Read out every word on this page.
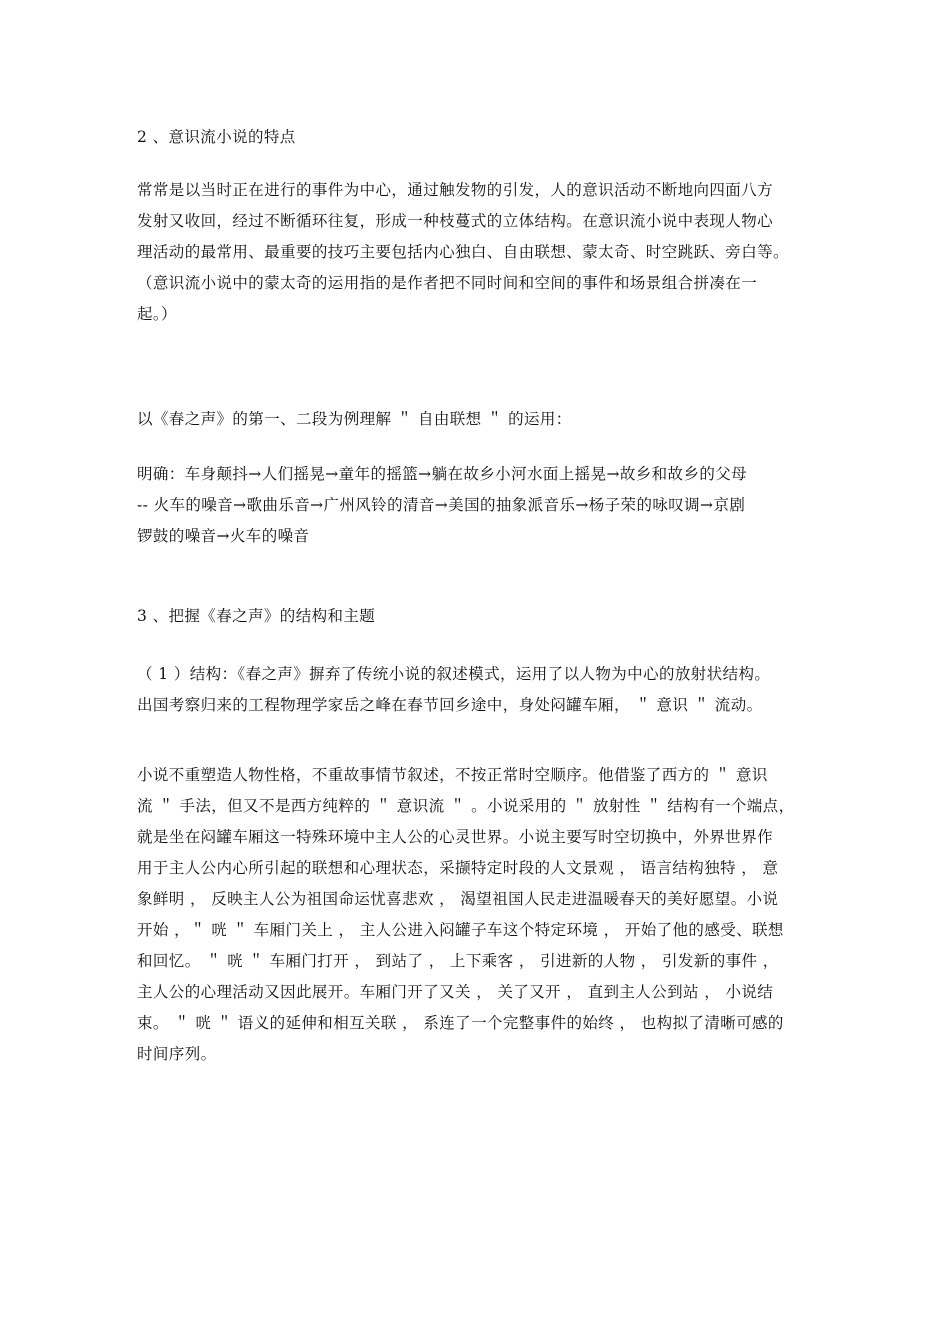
2 、意识流小说的特点
常常是以当时正在进行的事件为中心，通过触发物的引发，人的意识活动不断地向四面八方
发射又收回，经过不断循环往复，形成一种枝蔓式的立体结构。在意识流小说中表现人物心
理活动的最常用、最重要的技巧主要包括内心独白、自由联想、蒙太奇、时空跳跃、旁白等。
（意识流小说中的蒙太奇的运用指的是作者把不同时间和空间的事件和场景组合拼凑在一
起。）
以《春之声》的第一、二段为例理解 ＂ 自由联想 ＂ 的运用：
明确：车身颠抖→人们摇晃→童年的摇篮→躺在故乡小河水面上摇晃→故乡和故乡的父母
-- 火车的噪音→歌曲乐音→广州风铃的清音→美国的抽象派音乐→杨子荣的咏叹调→京剧
锣鼓的噪音→火车的噪音
3 、把握《春之声》的结构和主题
（ 1 ）结构：《春之声》摒弃了传统小说的叙述模式，运用了以人物为中心的放射状结构。
出国考察归来的工程物理学家岳之峰在春节回乡途中，身处闷罐车厢， ＂ 意识 ＂ 流动。
小说不重塑造人物性格，不重故事情节叙述，不按正常时空顺序。他借鉴了西方的 ＂ 意识
流 ＂ 手法，但又不是西方纯粹的 ＂ 意识流 ＂ 。小说采用的 ＂ 放射性 ＂ 结构有一个端点，
就是坐在闷罐车厢这一特殊环境中主人公的心灵世界。小说主要写时空切换中，外界世界作
用于主人公内心所引起的联想和心理状态，采撷特定时段的人文景观 ， 语言结构独特 ， 意
象鲜明 ， 反映主人公为祖国命运忧喜悲欢 ， 渴望祖国人民走进温暖春天的美好愿望。小说
开始 ，＂ 咣 ＂ 车厢门关上 ， 主人公进入闷罐子车这个特定环境 ， 开始了他的感受、联想
和回忆。 ＂ 咣 ＂ 车厢门打开 ， 到站了 ， 上下乘客 ， 引进新的人物 ， 引发新的事件 ，
主人公的心理活动又因此展开。车厢门开了又关 ， 关了又开 ， 直到主人公到站 ， 小说结
束。 ＂ 咣 ＂ 语义的延伸和相互关联 ， 系连了一个完整事件的始终 ， 也构拟了清晰可感的
时间序列。
